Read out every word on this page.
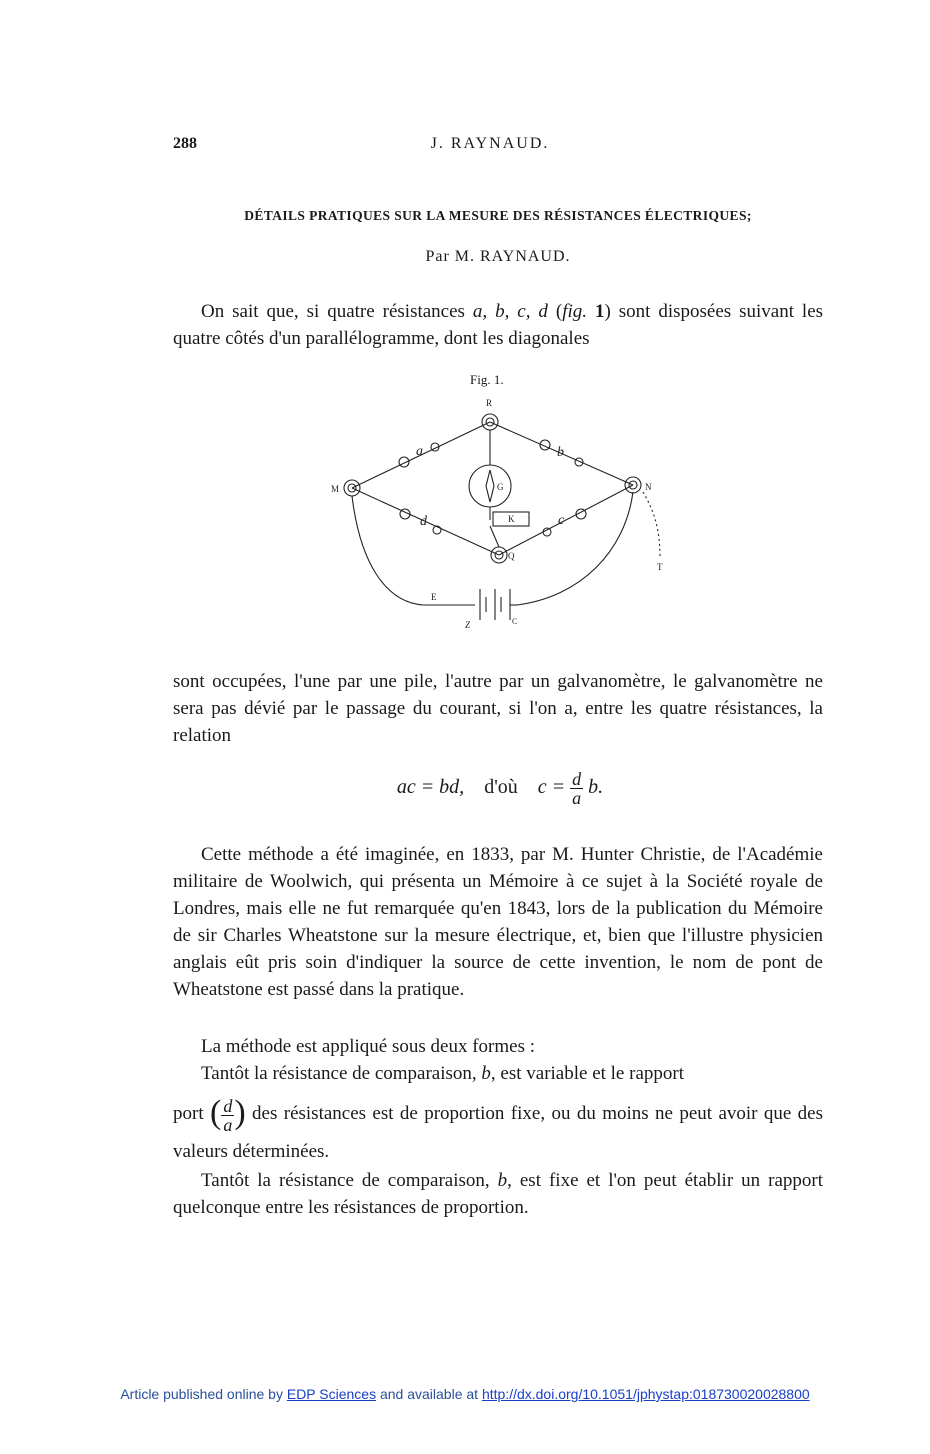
288	J. RAYNAUD.
DÉTAILS PRATIQUES SUR LA MESURE DES RÉSISTANCES ÉLECTRIQUES;
Par M. RAYNAUD.

On sait que, si quatre résistances a, b, c, d (fig. 1) sont disposées suivant les quatre côtés d'un parallélogramme, dont les diagonales

Fig. 1.
a	b
c
d
R
M	N
Q
G
T
K
E
Z	C

sont occupées, l'une par une pile, l'autre par un galvanomètre, le galvanomètre ne sera pas dévié par le passage du courant, si l'on a, entre les quatre résistances, la relation

ac = bd, d'où $c = \frac{d}{a} b$.

Cette méthode a été imaginée, en 1833, par M. Hunter Christie, de l'Académie militaire de Woolwich, qui présenta un Mémoire à ce sujet à la Société royale de Londres, mais elle ne fut remarquée qu'en 1843, lors de la publication du Mémoire de sir Charles Wheatstone sur la mesure électrique, et, bien que l'illustre physicien anglais eût pris soin d'indiquer la source de cette invention, le nom de pont de Wheatstone est passé dans la pratique.

La méthode est appliqué sous deux formes :

Tantôt la résistance de comparaison, b, est variable et le rapport

port ( $\frac{d}{a}$ ) des résistances est de proportion fixe, ou du moins ne peut avoir que des valeurs déterminées.

Tantôt la résistance de comparaison, b, est fixe et l'on peut établir un rapport quelconque entre les résistances de proportion.

Article published online by EDP Sciences and available at http://dx.doi.org/10.1051/jphystap:018730020028800
